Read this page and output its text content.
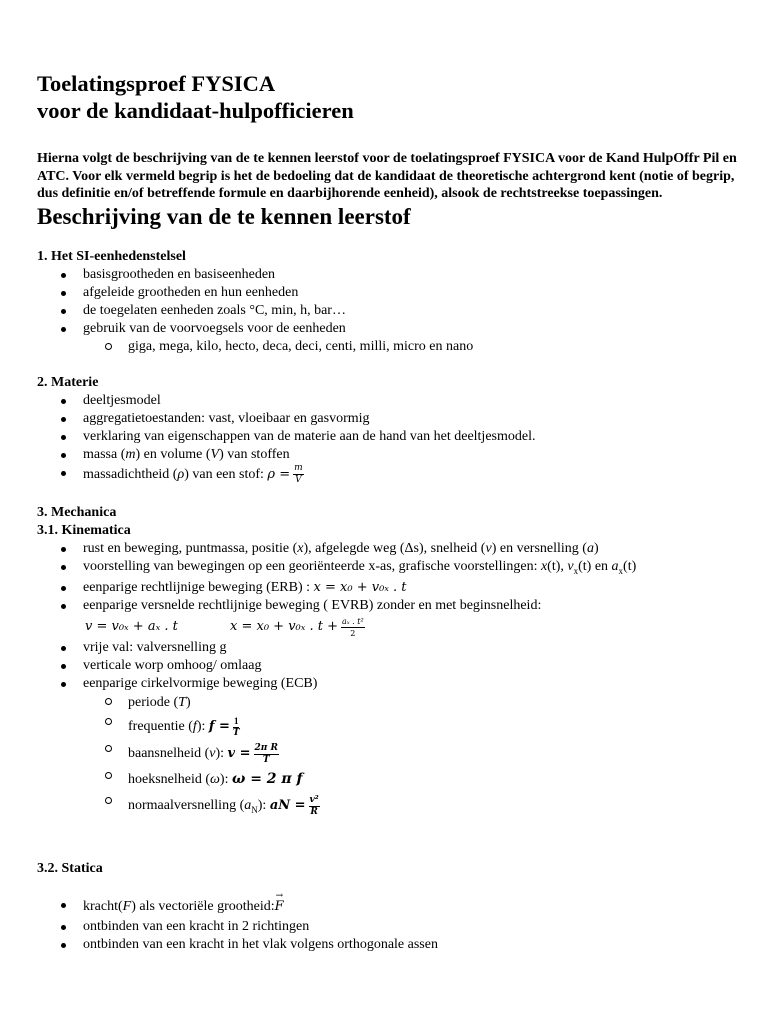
Toelatingsproef FYSICA
voor de kandidaat-hulpofficieren

Hierna volgt de beschrijving van de te kennen leerstof voor de toelatingsproef FYSICA voor de Kand HulpOffr Pil en ATC. Voor elk vermeld begrip is het de bedoeling dat de kandidaat de theoretische achtergrond kent (notie of begrip, dus definitie en/of betreffende formule en daarbijhorende eenheid), alsook de rechtstreekse toepassingen.

Beschrijving van de te kennen leerstof
1. Het SI-eenhedenstelsel
basisgrootheden en basiseenheden
afgeleide grootheden en hun eenheden
de toegelaten eenheden zoals °C, min, h, bar…
gebruik van de voorvoegsels voor de eenheden
giga, mega, kilo, hecto, deca, deci, centi, milli, micro en nano
2. Materie
deeltjesmodel
aggregatietoestanden: vast, vloeibaar en gasvormig
verklaring van eigenschappen van de materie aan de hand van het deeltjesmodel.
massa (m) en volume (V) van stoffen
massadichtheid (ρ) van een stof: $\rho = \frac{m}{V}$
3. Mechanica
3.1. Kinematica
rust en beweging, puntmassa, positie (x), afgelegde weg (Δs), snelheid (v) en versnelling (a)
voorstelling van bewegingen op een georiënteerde x-as, grafische voorstellingen: x(t), $v_x(t)$ en $a_x(t)$
eenparige rechtlijnige beweging (ERB) : x = x₀ + v₀ₓ . t
eenparige versnelde rechtlijnige beweging ( EVRB) zonder en met beginsnelheid:
v = v₀ₓ + aₓ . t	x = x₀ + v₀ₓ . $t + \frac{\text{aₓ . t²}}{2}$
vrije val: valversnelling g
verticale worp omhoog/ omlaag
eenparige cirkelvormige beweging (ECB)
periode (T)
frequentie (f): $f = \frac{1}{T}$
baansnelheid (v): $v = \frac{\text{2π R}}{T}$
hoeksnelheid (ω): ω = 2 π f
normaalversnelling $(a_N)$: aN = $\frac{\text{v²}}{R}$
3.2. Statica
kracht(F) als vectoriële grootheid:→ F
ontbinden van een kracht in 2 richtingen
ontbinden van een kracht in het vlak volgens orthogonale assen
